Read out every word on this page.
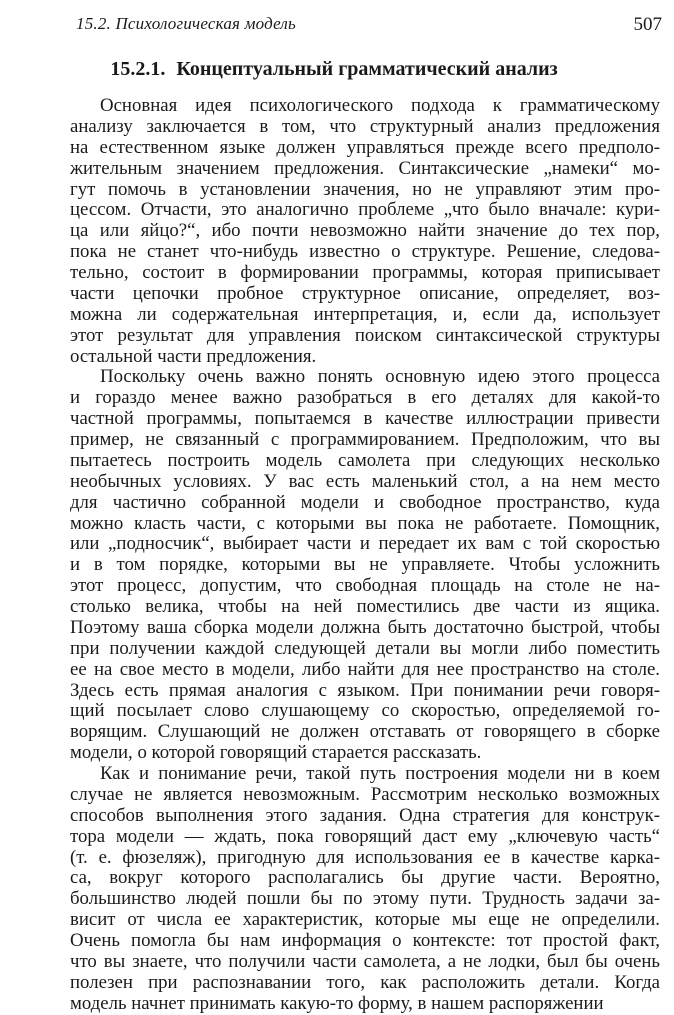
15.2. Психологическая модель	507
15.2.1. Концептуальный грамматический анализ

Основная идея психологического подхода к грамматическому
анализу заключается в том, что структурный анализ предложения
на естественном языке должен управляться прежде всего предполо-
жительным значением предложения. Синтаксические „намеки“ мо-
гут помочь в установлении значения, но не управляют этим про-
цессом. Отчасти, это аналогично проблеме „что было вначале: кури-
ца или яйцо?“, ибо почти невозможно найти значение до тех пор,
пока не станет что-нибудь известно о структуре. Решение, следова-
тельно, состоит в формировании программы, которая приписывает
части цепочки пробное структурное описание, определяет, воз-
можна ли содержательная интерпретация, и, если да, использует
этот результат для управления поиском синтаксической структуры
остальной части предложения.

Поскольку очень важно понять основную идею этого процесса
и гораздо менее важно разобраться в его деталях для какой-то
частной программы, попытаемся в качестве иллюстрации привести
пример, не связанный с программированием. Предположим, что вы
пытаетесь построить модель самолета при следующих несколько
необычных условиях. У вас есть маленький стол, а на нем место
для частично собранной модели и свободное пространство, куда
можно класть части, с которыми вы пока не работаете. Помощник,
или „подносчик“, выбирает части и передает их вам с той скоростью
и в том порядке, которыми вы не управляете. Чтобы усложнить
этот процесс, допустим, что свободная площадь на столе не на-
столько велика, чтобы на ней поместились две части из ящика.
Поэтому ваша сборка модели должна быть достаточно быстрой, чтобы
при получении каждой следующей детали вы могли либо поместить
ее на свое место в модели, либо найти для нее пространство на столе.
Здесь есть прямая аналогия с языком. При понимании речи говоря-
щий посылает слово слушающему со скоростью, определяемой го-
ворящим. Слушающий не должен отставать от говорящего в сборке
модели, о которой говорящий старается рассказать.

Как и понимание речи, такой путь построения модели ни в коем
случае не является невозможным. Рассмотрим несколько возможных
способов выполнения этого задания. Одна стратегия для конструк-
тора модели — ждать, пока говорящий даст ему „ключевую часть“
(т. е. фюзеляж), пригодную для использования ее в качестве карка-
са, вокруг которого располагались бы другие части. Вероятно,
большинство людей пошли бы по этому пути. Трудность задачи за-
висит от числа ее характеристик, которые мы еще не определили.
Очень помогла бы нам информация о контексте: тот простой факт,
что вы знаете, что получили части самолета, а не лодки, был бы очень
полезен при распознавании того, как расположить детали. Когда
модель начнет принимать какую-то форму, в нашем распоряжении
